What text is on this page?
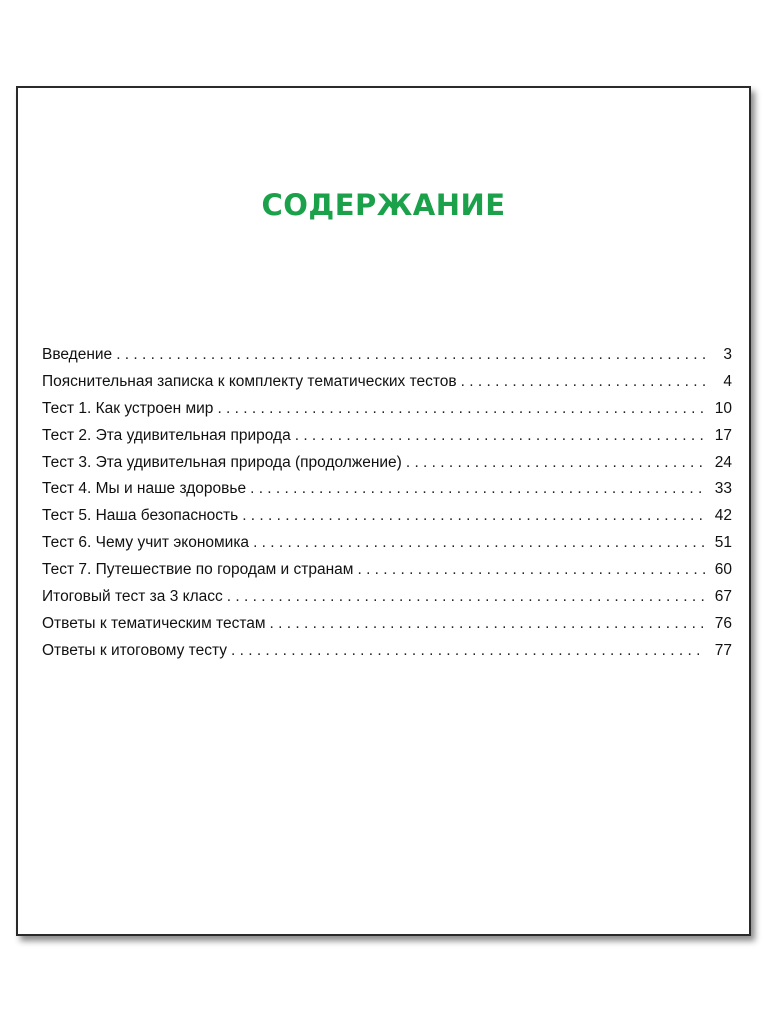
СОДЕРЖАНИЕ
Введение . . .	3
Пояснительная записка к комплекту тематических тестов . . .	4
Тест 1. Как устроен мир . . .	10
Тест 2. Эта удивительная природа . . .	17
Тест 3. Эта удивительная природа (продолжение) . . .	24
Тест 4. Мы и наше здоровье . . .	33
Тест 5. Наша безопасность . . .	42
Тест 6. Чему учит экономика . . .	51
Тест 7. Путешествие по городам и странам . . .	60
Итоговый тест за 3 класс . . .	67
Ответы к тематическим тестам . . .	76
Ответы к итоговому тесту . . .	77
